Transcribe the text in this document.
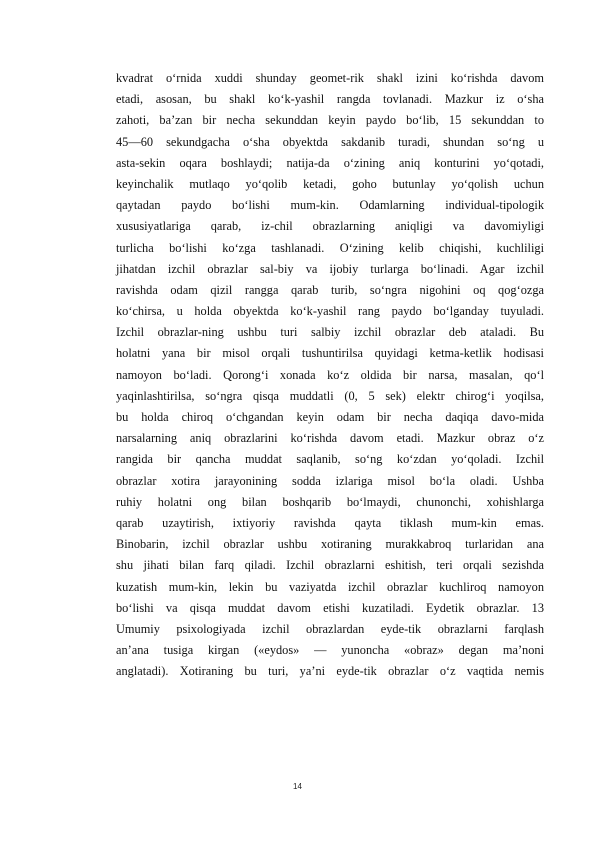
kvadrat o‘rnida xuddi shunday geomet-rik shakl izini ko‘rishda davom
etadi, asosan, bu shakl ko‘k-yashil rangda tovlanadi. Mazkur iz o‘sha
zahoti, ba’zan bir necha sekunddan keyin paydo bo‘lib, 15 sekunddan to
45—60 sekundgacha o‘sha obyektda sakdanib turadi, shundan so‘ng u
asta-sekin oqara boshlaydi; natija-da o‘zining aniq konturini yo‘qotadi,
keyinchalik mutlaqo yo‘qolib ketadi, goho butunlay yo‘qolish uchun
qaytadan paydo bo‘lishi mum-kin. Odamlarning individual-tipologik
xususiyatlariga qarab, iz-chil obrazlarning aniqligi va davomiyligi
turlicha bo‘lishi ko‘zga tashlanadi. O‘zining kelib chiqishi, kuchliligi
jihatdan izchil obrazlar sal-biy va ijobiy turlarga bo‘linadi. Agar izchil
ravishda odam qizil rangga qarab turib, so‘ngra nigohini oq qog‘ozga
ko‘chirsa, u holda obyektda ko‘k-yashil rang paydo bo‘lganday tuyuladi.
Izchil obrazlar-ning ushbu turi salbiy izchil obrazlar deb ataladi. Bu
holatni yana bir misol orqali tushuntirilsa quyidagi ketma-ketlik hodisasi
namoyon bo‘ladi. Qorong‘i xonada ko‘z oldida bir narsa, masalan, qo‘l
yaqinlashtirilsa, so‘ngra qisqa muddatli (0, 5 sek) elektr chirog‘i yoqilsa,
bu holda chiroq o‘chgandan keyin odam bir necha daqiqa davo-mida
narsalarning aniq obrazlarini ko‘rishda davom etadi. Mazkur obraz o‘z
rangida bir qancha muddat saqlanib, so‘ng ko‘zdan yo‘qoladi. Izchil
obrazlar xotira jarayonining sodda izlariga misol bo‘la oladi. Ushba
ruhiy holatni ong bilan boshqarib bo‘lmaydi, chunonchi, xohishlarga
qarab uzaytirish, ixtiyoriy ravishda qayta tiklash mum-kin emas.
Binobarin, izchil obrazlar ushbu xotiraning murakkabroq turlaridan ana
shu jihati bilan farq qiladi. Izchil obrazlarni eshitish, teri orqali sezishda
kuzatish mum-kin, lekin bu vaziyatda izchil obrazlar kuchliroq namoyon
bo‘lishi va qisqa muddat davom etishi kuzatiladi. Eydetik obrazlar. 13
Umumiy psixologiyada izchil obrazlardan eyde-tik obrazlarni farqlash
an’ana tusiga kirgan («eydos» — yunoncha «obraz» degan ma’noni
anglatadi). Xotiraning bu turi, ya’ni eyde-tik obrazlar o‘z vaqtida nemis
14
